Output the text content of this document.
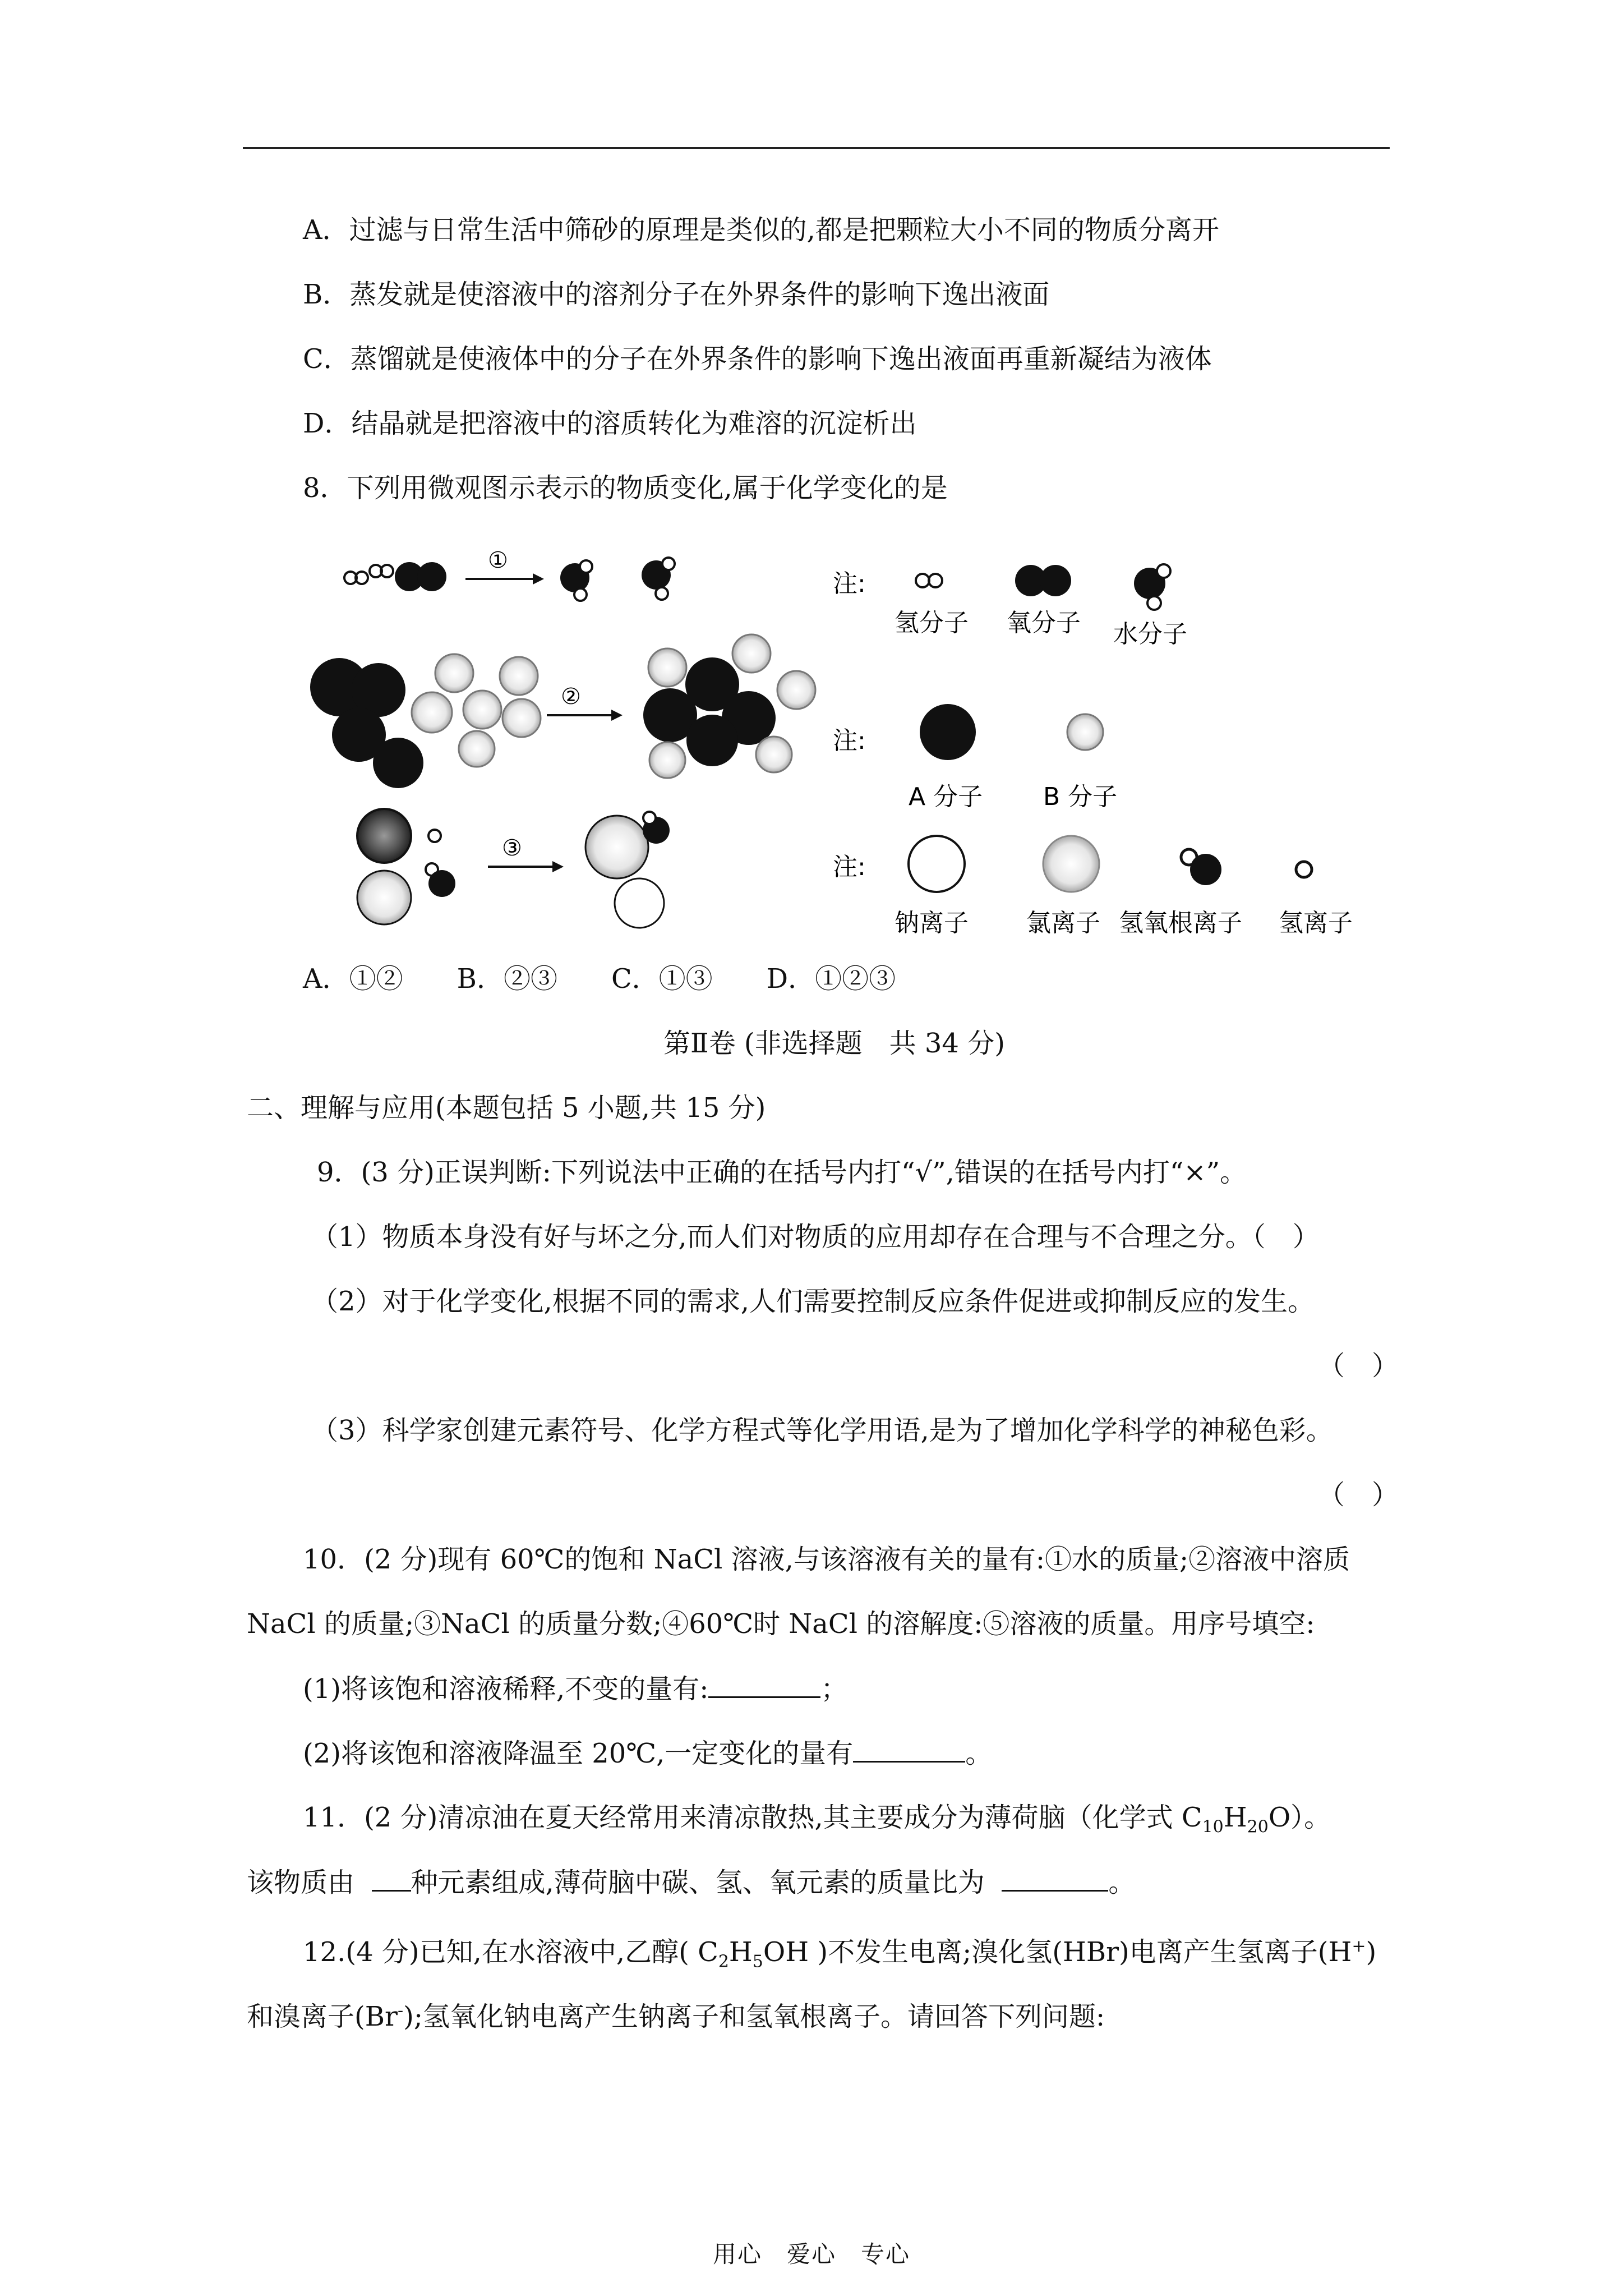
A．过滤与日常生活中筛砂的原理是类似的,都是把颗粒大小不同的物质分离开
B．蒸发就是使溶液中的溶剂分子在外界条件的影响下逸出液面
C．蒸馏就是使液体中的分子在外界条件的影响下逸出液面再重新凝结为液体
D．结晶就是把溶液中的溶质转化为难溶的沉淀析出
8．下列用微观图示表示的物质变化,属于化学变化的是
①
②
③
注:
氢分子 氧分子 水分子
注:
A 分子 B 分子
注:
钠离子 氯离子 氢氧根离子 氢离子
A．①②　　B．②③　　C．①③　　D．①②③
第Ⅱ卷 (非选择题　共 34 分)
二、理解与应用(本题包括 5 小题,共 15 分)
9．(3 分)正误判断:下列说法中正确的在括号内打“√”,错误的在括号内打“×”。
（1）物质本身没有好与坏之分,而人们对物质的应用却存在合理与不合理之分。（　）
（2）对于化学变化,根据不同的需求,人们需要控制反应条件促进或抑制反应的发生。
（　）
（3）科学家创建元素符号、化学方程式等化学用语,是为了增加化学科学的神秘色彩。
（　）
10．(2 分)现有 60℃的饱和 NaCl 溶液,与该溶液有关的量有:①水的质量;②溶液中溶质
NaCl 的质量;③NaCl 的质量分数;④60℃时 NaCl 的溶解度:⑤溶液的质量。用序号填空:
(1)将该饱和溶液稀释,不变的量有:	；
(2)将该饱和溶液降温至 20℃,一定变化的量有	。
11．(2 分)清凉油在夏天经常用来清凉散热,其主要成分为薄荷脑（化学式 $C_{10}H_{20}O$）。
该物质由 种元素组成,薄荷脑中碳、氢、氧元素的质量比为	。
12.(4 分)已知,在水溶液中,乙醇( $C_2H_5OH$ )不发生电离;溴化氢(HBr)电离产生氢离子(H+)
和溴离子(Br-);氢氧化钠电离产生钠离子和氢氧根离子。请回答下列问题:
用心　爱心　专心
